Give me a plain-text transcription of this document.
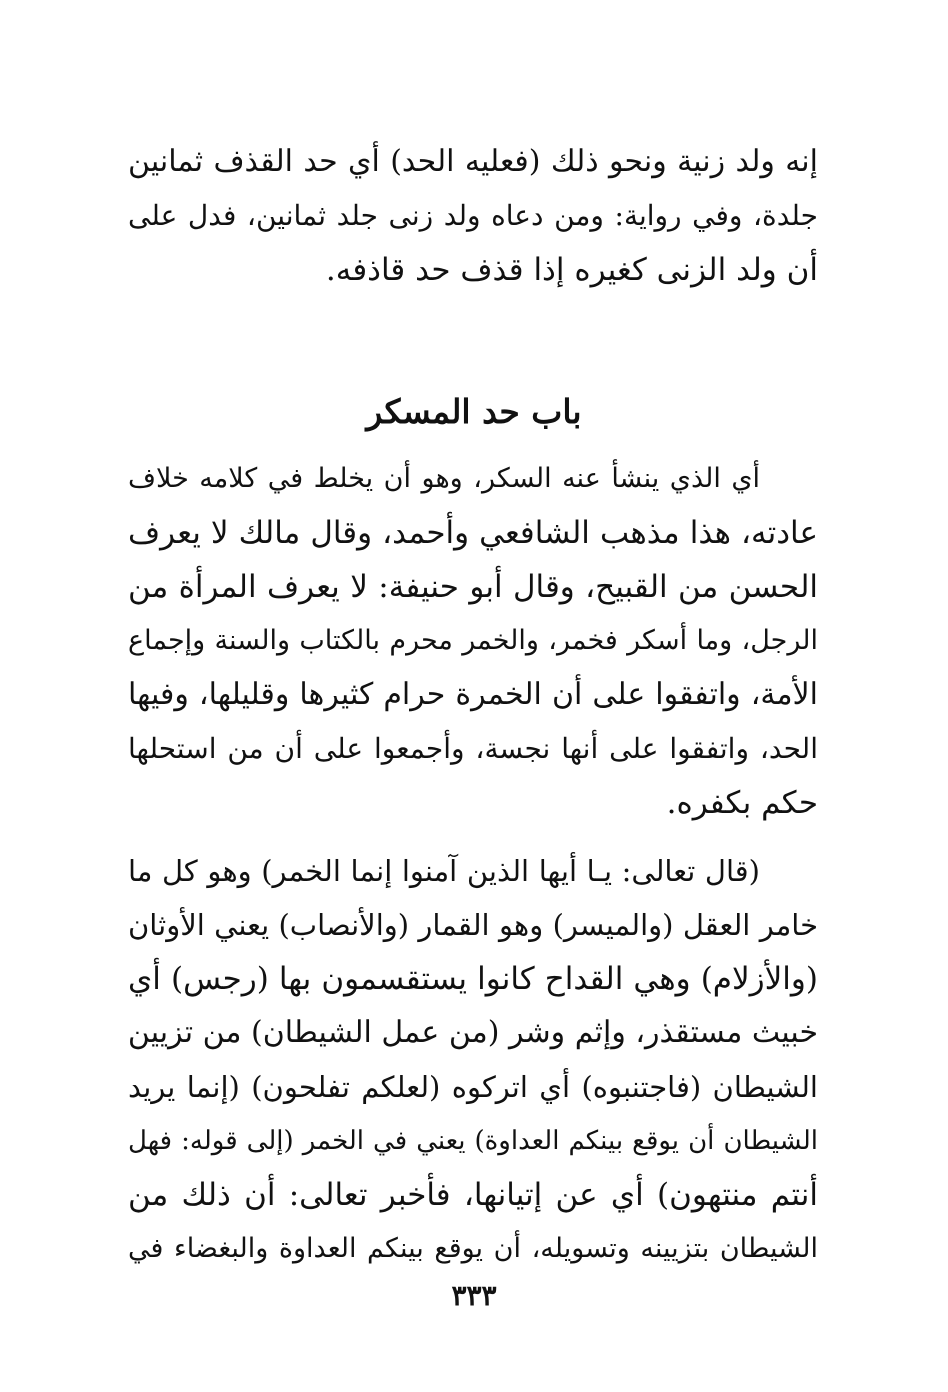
إنه ولد زنية ونحو ذلك (فعليه الحد) أي حد القذف ثمانين
جلدة، وفي رواية: ومن دعاه ولد زنى جلد ثمانين، فدل على
أن ولد الزنى كغيره إذا قذف حد قاذفه.
باب حد المسكر
أي الذي ينشأ عنه السكر، وهو أن يخلط في كلامه خلاف
عادته، هذا مذهب الشافعي وأحمد، وقال مالك لا يعرف
الحسن من القبيح، وقال أبو حنيفة: لا يعرف المرأة من
الرجل، وما أسكر فخمر، والخمر محرم بالكتاب والسنة وإجماع
الأمة، واتفقوا على أن الخمرة حرام كثيرها وقليلها، وفيها
الحد، واتفقوا على أنها نجسة، وأجمعوا على أن من استحلها
حكم بكفره.
(قال تعالى: يـا أيها الذين آمنوا إنما الخمر) وهو كل ما
خامر العقل (والميسر) وهو القمار (والأنصاب) يعني الأوثان
(والأزلام) وهي القداح كانوا يستقسمون بها (رجس) أي
خبيث مستقذر، وإثم وشر (من عمل الشيطان) من تزيين
الشيطان (فاجتنبوه) أي اتركوه (لعلكم تفلحون) (إنما يريد
الشيطان أن يوقع بينكم العداوة) يعني في الخمر (إلى قوله: فهل
أنتم منتهون) أي عن إتيانها، فأخبر تعالى: أن ذلك من
الشيطان بتزيينه وتسويله، أن يوقع بينكم العداوة والبغضاء في
٣٣٣
